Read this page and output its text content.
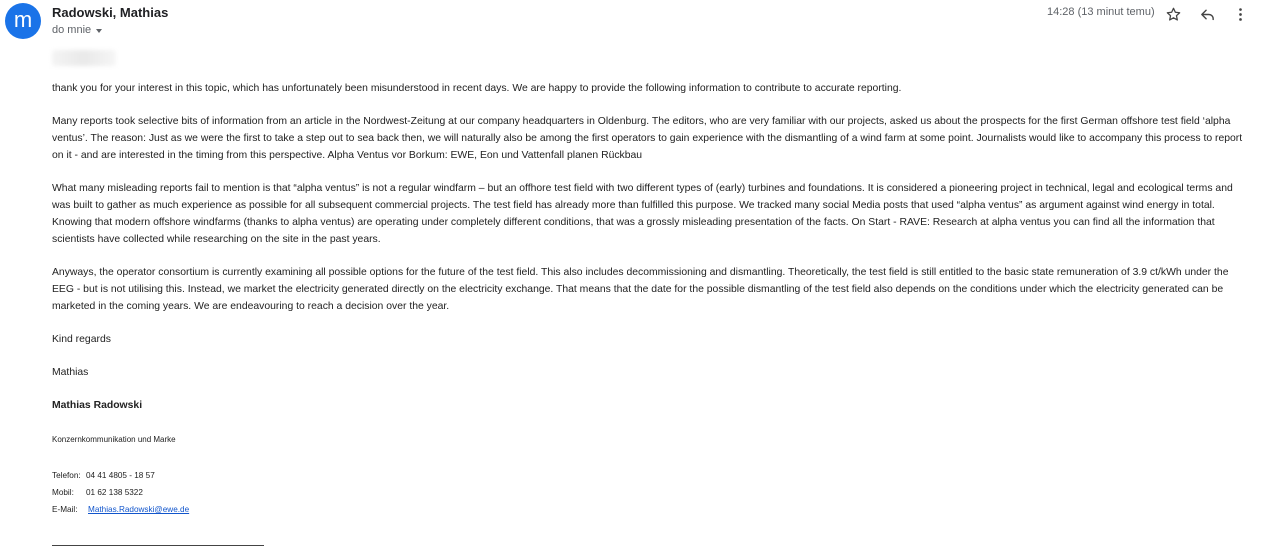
m	Radowski, Mathias
do mnie
14:28 (13 minut temu)

thank you for your interest in this topic, which has unfortunately been misunderstood in recent days. We are happy to provide the following information to contribute to accurate reporting.

Many reports took selective bits of information from an article in the Nordwest-Zeitung at our company headquarters in Oldenburg. The editors, who are very familiar with our projects, asked us about the prospects for the first German offshore test field ‘alpha ventus’. The reason: Just as we were the first to take a step out to sea back then, we will naturally also be among the first operators to gain experience with the dismantling of a wind farm at some point. Journalists would like to accompany this process to report on it - and are interested in the timing from this perspective. Alpha Ventus vor Borkum: EWE, Eon und Vattenfall planen Rückbau

What many misleading reports fail to mention is that “alpha ventus” is not a regular windfarm – but an offhore test field with two different types of (early) turbines and foundations. It is considered a pioneering project in technical, legal and ecological terms and was built to gather as much experience as possible for all subsequent commercial projects. The test field has already more than fulfilled this purpose. We tracked many social Media posts that used “alpha ventus” as argument against wind energy in total. Knowing that modern offshore windfarms (thanks to alpha ventus) are operating under completely different conditions, that was a grossly misleading presentation of the facts. On Start - RAVE: Research at alpha ventus you can find all the information that scientists have collected while researching on the site in the past years.

Anyways, the operator consortium is currently examining all possible options for the future of the test field. This also includes decommissioning and dismantling. Theoretically, the test field is still entitled to the basic state remuneration of 3.9 ct/kWh under the EEG - but is not utilising this. Instead, we market the electricity generated directly on the electricity exchange. That means that the date for the possible dismantling of the test field also depends on the conditions under which the electricity generated can be marketed in the coming years. We are endeavouring to reach a decision over the year.

Kind regards

Mathias

Mathias Radowski

Konzernkommunikation und Marke

Telefon: 04 41 4805 - 18 57
Mobil:	01 62 138 5322
E-Mail:	Mathias.Radowski@ewe.de
